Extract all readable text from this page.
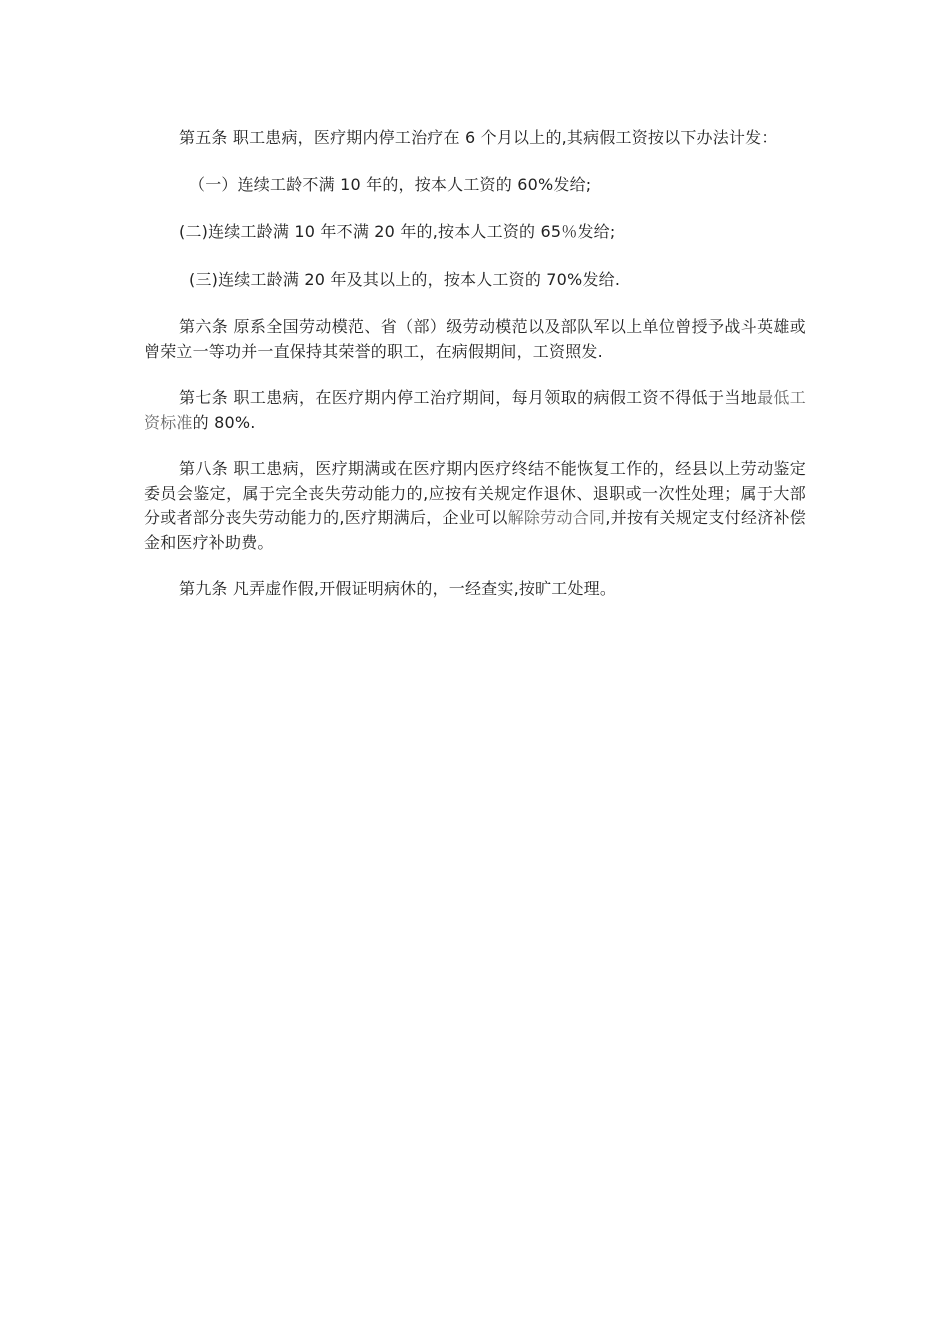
第五条 职工患病，医疗期内停工治疗在 6 个月以上的,其病假工资按以下办法计发：

（一）连续工龄不满 10 年的，按本人工资的 60%发给;

(二)连续工龄满 10 年不满 20 年的,按本人工资的 65％发给;

(三)连续工龄满 20 年及其以上的，按本人工资的 70%发给.

第六条 原系全国劳动模范、省（部）级劳动模范以及部队军以上单位曾授予战斗英雄或曾荣立一等功并一直保持其荣誉的职工，在病假期间，工资照发.

第七条 职工患病，在医疗期内停工治疗期间，每月领取的病假工资不得低于当地最低工资标准的 80%.

第八条 职工患病，医疗期满或在医疗期内医疗终结不能恢复工作的，经县以上劳动鉴定委员会鉴定，属于完全丧失劳动能力的,应按有关规定作退休、退职或一次性处理；属于大部分或者部分丧失劳动能力的,医疗期满后，企业可以解除劳动合同,并按有关规定支付经济补偿金和医疗补助费。

第九条 凡弄虚作假,开假证明病休的，一经查实,按旷工处理。
